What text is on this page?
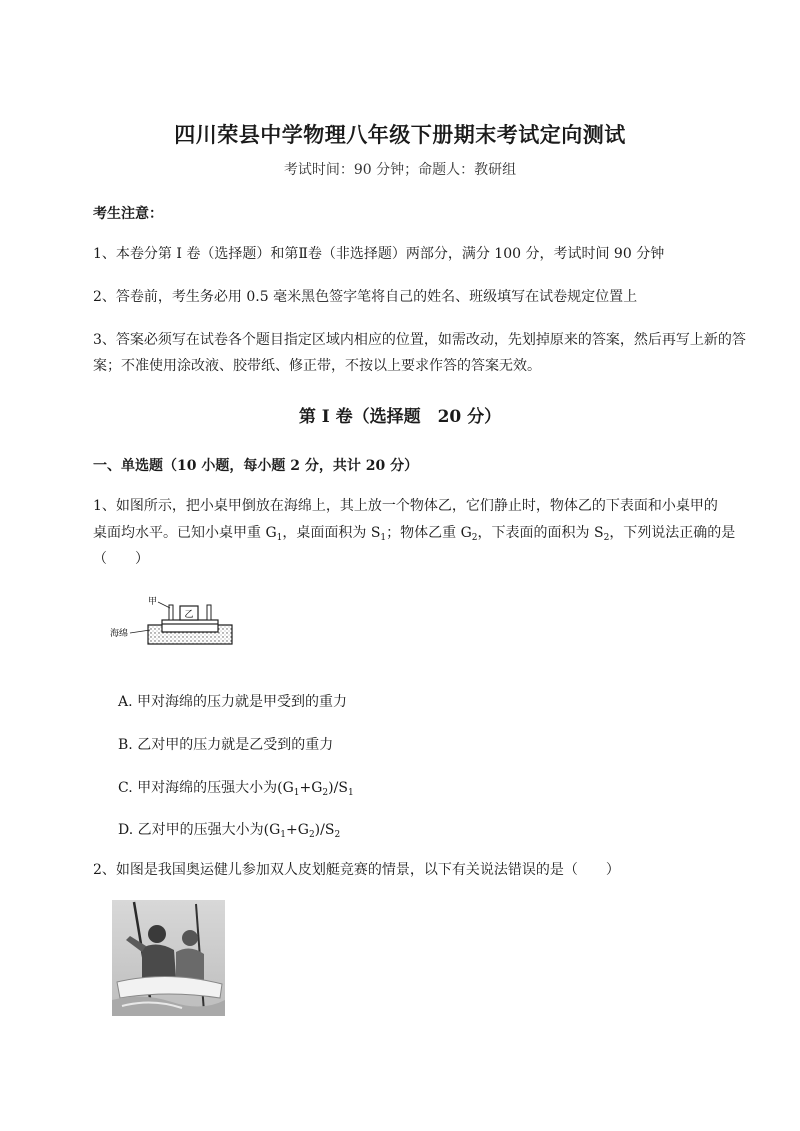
四川荣县中学物理八年级下册期末考试定向测试
考试时间：90 分钟；命题人：教研组
考生注意：
1、本卷分第 I 卷（选择题）和第Ⅱ卷（非选择题）两部分，满分 100 分，考试时间 90 分钟
2、答卷前，考生务必用 0.5 毫米黑色签字笔将自己的姓名、班级填写在试卷规定位置上
3、答案必须写在试卷各个题目指定区域内相应的位置，如需改动，先划掉原来的答案，然后再写上新的答案；不准使用涂改液、胶带纸、修正带，不按以上要求作答的答案无效。
第 I 卷（选择题　20 分）
一、单选题（10 小题，每小题 2 分，共计 20 分）
1、如图所示，把小桌甲倒放在海绵上，其上放一个物体乙，它们静止时，物体乙的下表面和小桌甲的
桌面均水平。已知小桌甲重 $G_1$，桌面面积为 $S_1$；物体乙重 $G_2$，下表面的面积为 $S_2$，下列说法正确的是
（　　）
乙
甲
海绵
A. 甲对海绵的压力就是甲受到的重力
B. 乙对甲的压力就是乙受到的重力
C. 甲对海绵的压强大小为$(G_1+G_2)/S_1$
D. 乙对甲的压强大小为$(G_1+G_2)/S_2$
2、如图是我国奥运健儿参加双人皮划艇竞赛的情景，以下有关说法错误的是（　　）
